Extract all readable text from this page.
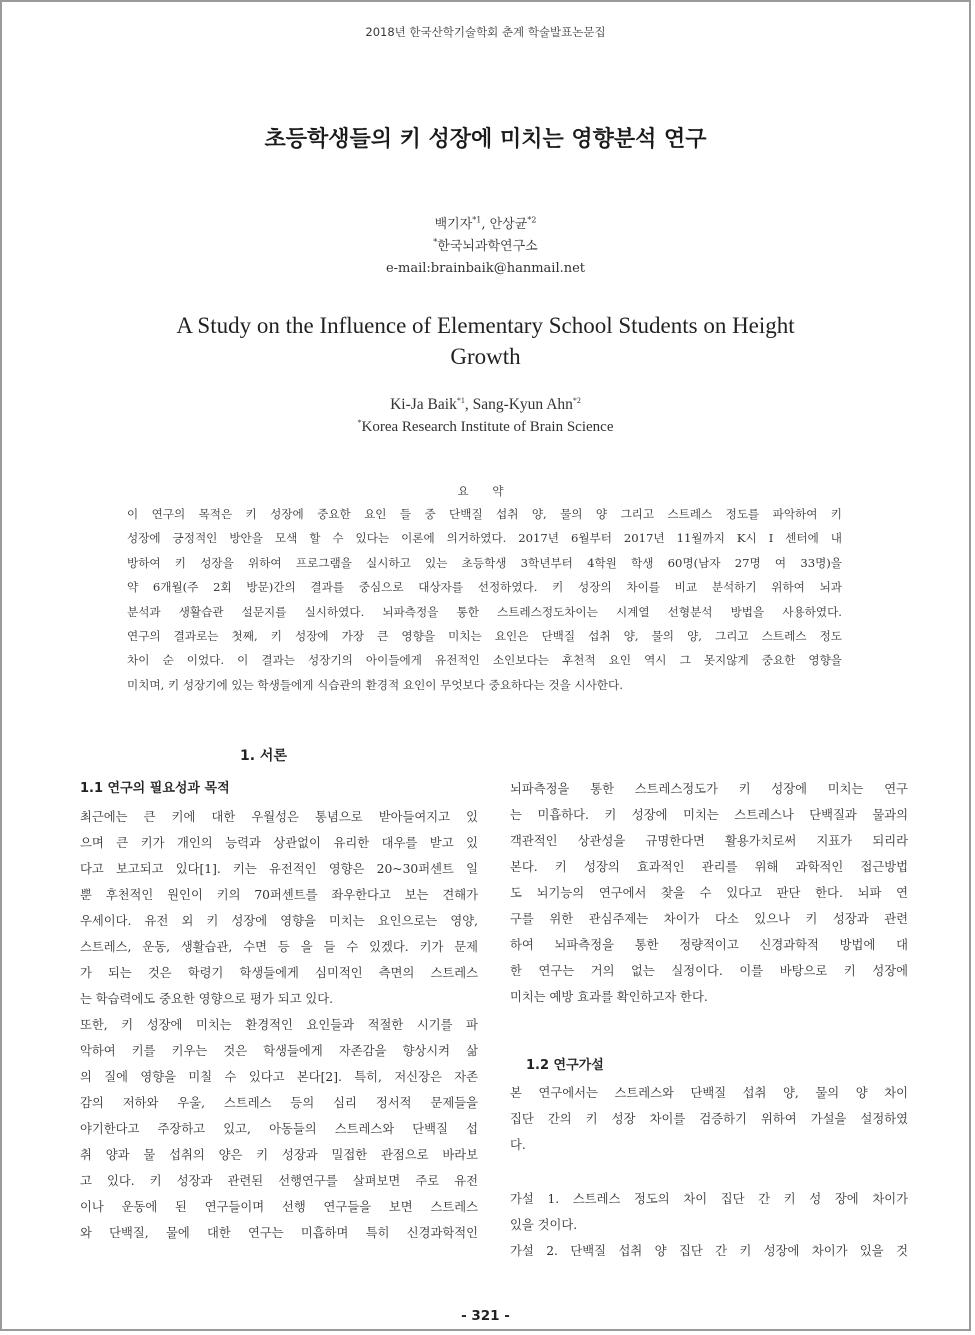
2018년 한국산학기술학회 춘계 학술발표논문집
초등학생들의 키 성장에 미치는 영향분석 연구
백기자$^{*1}$, 안상균$^{*2}$
*한국뇌과학연구소
e-mail:brainbaik@hanmail.net
A Study on the Influence of Elementary School Students on Height Growth
Ki-Ja Baik$^{*1}$, Sang-Kyun Ahn$^{*2}$
*Korea Research Institute of Brain Science
요 약

이 연구의 목적은 키 성장에 중요한 요인 들 중 단백질 섭취 양, 물의 양 그리고 스트레스 정도를 파악하여 키

성장에 긍정적인 방안을 모색 할 수 있다는 이론에 의거하였다. 2017년 6월부터 2017년 11월까지 K시 I 센터에 내

방하여 키 성장을 위하여 프로그램을 실시하고 있는 초등학생 3학년부터 4학원 학생 60명(남자 27명 여 33명)을

약 6개월(주 2회 방문)간의 결과를 중심으로 대상자를 선정하였다. 키 성장의 차이를 비교 분석하기 위하여 뇌과

분석과 생활습관 설문지를 실시하였다. 뇌파측정을 통한 스트레스정도차이는 시계열 선형분석 방법을 사용하였다.

연구의 결과로는 첫째, 키 성장에 가장 큰 영향을 미치는 요인은 단백질 섭취 양, 물의 양, 그리고 스트레스 정도

차이 순 이었다. 이 결과는 성장기의 아이들에게 유전적인 소인보다는 후천적 요인 역시 그 못지않게 중요한 영향을

미치며, 키 성장기에 있는 학생들에게 식습관의 환경적 요인이 무엇보다 중요하다는 것을 시사한다.

1. 서론
1.1 연구의 필요성과 목적

최근에는 큰 키에 대한 우월성은 통념으로 받아들여지고 있

으며 큰 키가 개인의 능력과 상관없이 유리한 대우를 받고 있

다고 보고되고 있다[1]. 키는 유전적인 영향은 20~30퍼센트 일

뿐 후천적인 원인이 키의 70퍼센트를 좌우한다고 보는 견해가

우세이다. 유전 외 키 성장에 영향을 미치는 요인으로는 영양,

스트레스, 운동, 생활습관, 수면 등 을 들 수 있겠다. 키가 문제

가 되는 것은 학령기 학생들에게 심미적인 측면의 스트레스

는 학습력에도 중요한 영향으로 평가 되고 있다.

또한, 키 성장에 미치는 환경적인 요인들과 적절한 시기를 파

악하여 키를 키우는 것은 학생들에게 자존감을 향상시켜 삶

의 질에 영향을 미칠 수 있다고 본다[2]. 특히, 저신장은 자존

감의 저하와 우울, 스트레스 등의 심리 정서적 문제들을

야기한다고 주장하고 있고, 아동들의 스트레스와 단백질 섭

취 양과 물 섭취의 양은 키 성장과 밀접한 관점으로 바라보

고 있다. 키 성장과 관련된 선행연구를 살펴보면 주로 유전

이나 운동에 된 연구들이며 선행 연구들을 보면 스트레스

와 단백질, 물에 대한 연구는 미흡하며 특히 신경과학적인

뇌파측정을 통한 스트레스정도가 키 성장에 미치는 연구

는 미흡하다. 키 성장에 미치는 스트레스나 단백질과 물과의

객관적인 상관성을 규명한다면 활용가치로써 지표가 되리라

본다. 키 성장의 효과적인 관리를 위해 과학적인 접근방법

도 뇌기능의 연구에서 찾을 수 있다고 판단 한다. 뇌파 연

구를 위한 관심주제는 차이가 다소 있으나 키 성장과 관련

하여 뇌파측정을 통한 정량적이고 신경과학적 방법에 대

한 연구는 거의 없는 실정이다. 이를 바탕으로 키 성장에

미치는 예방 효과를 확인하고자 한다.

1.2 연구가설

본 연구에서는 스트레스와 단백질 섭취 양, 물의 양 차이

집단 간의 키 성장 차이를 검증하기 위하여 가설을 설정하였

다.

가설 1. 스트레스 정도의 차이 집단 간 키 성 장에 차이가

있을 것이다.

가설 2. 단백질 섭취 양 집단 간 키 성장에 차이가 있을 것

- 321 -
